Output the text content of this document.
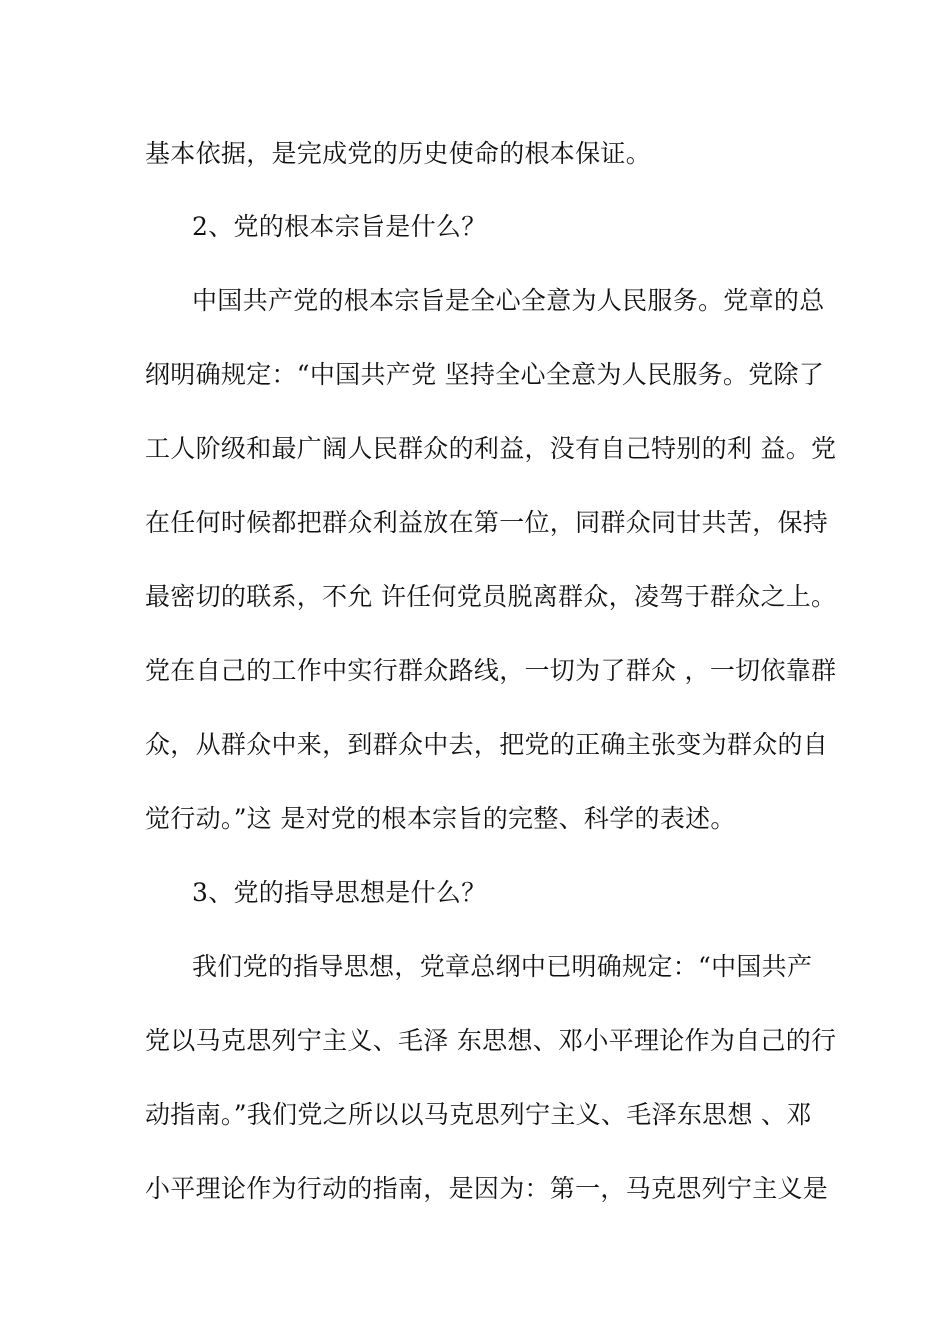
基本依据，是完成党的历史使命的根本保证。
2、党的根本宗旨是什么？
中国共产党的根本宗旨是全心全意为人民服务。党章的总
纲明确规定：“中国共产党 坚持全心全意为人民服务。党除了
工人阶级和最广阔人民群众的利益，没有自己特别的利 益。党
在任何时候都把群众利益放在第一位，同群众同甘共苦，保持
最密切的联系，不允 许任何党员脱离群众，凌驾于群众之上。
党在自己的工作中实行群众路线，一切为了群众 ，一切依靠群
众，从群众中来，到群众中去，把党的正确主张变为群众的自
觉行动。”这 是对党的根本宗旨的完整、科学的表述。
3、党的指导思想是什么？
我们党的指导思想，党章总纲中已明确规定：“中国共产
党以马克思列宁主义、毛泽 东思想、邓小平理论作为自己的行
动指南。”我们党之所以以马克思列宁主义、毛泽东思想 、邓
小平理论作为行动的指南，是因为：第一，马克思列宁主义是
